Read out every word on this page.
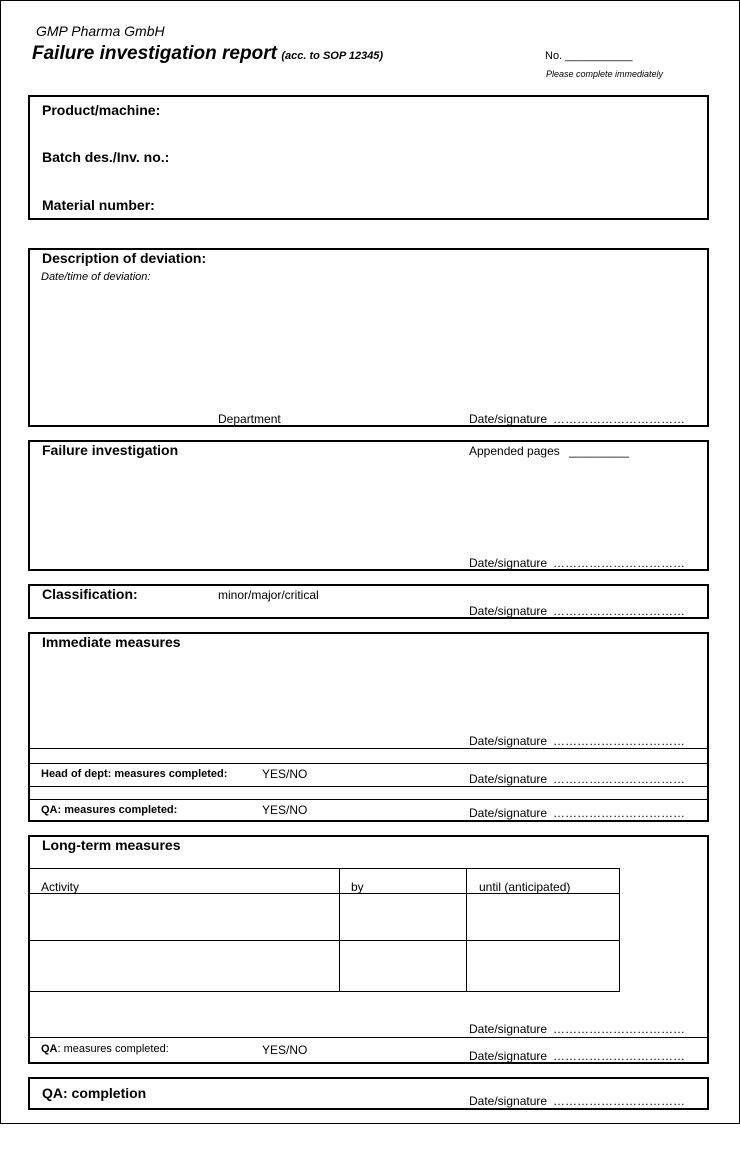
GMP Pharma GmbH
Failure investigation report (acc. to SOP 12345)	No. ___________
Please complete immediately
Product/machine:
Batch des./Inv. no.:
Material number:
Description of deviation:
Date/time of deviation:
Department	Date/signature ……………………………
Failure investigation	Appended pages _________
Date/signature ……………………………
Classification:	minor/major/critical
Date/signature ……………………………
Immediate measures
Date/signature ……………………………
Head of dept: measures completed:	YES/NO	Date/signature ……………………………
QA: measures completed:	YES/NO	Date/signature ……………………………
Long-term measures
Activity	by	until (anticipated)
Date/signature ……………………………
QA: measures completed:	YES/NO	Date/signature ……………………………
QA: completion	Date/signature ……………………………
